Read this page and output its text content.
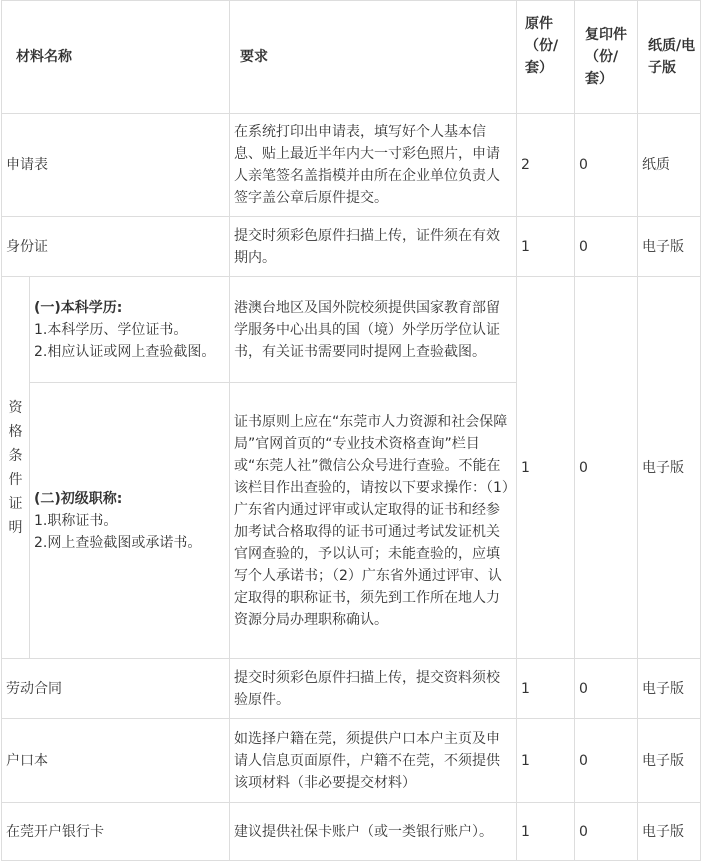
材料名称		要求	原件（份/套）	复印件（份/套）	纸质/电子版
申请表		在系统打印出申请表，填写好个人基本信息、贴上最近半年内大一寸彩色照片，申请人亲笔签名盖指模并由所在企业单位负责人签字盖公章后原件提交。	2	0	纸质
身份证		提交时须彩色原件扫描上传，证件须在有效期内。	1	0	电子版
资格条件证明	(一)本科学历:
1.本科学历、学位证书。
2.相应认证或网上查验截图。	港澳台地区及国外院校须提供国家教育部留学服务中心出具的国（境）外学历学位认证书，有关证书需要同时提网上查验截图。	1	0	电子版

	(二)初级职称:
1.职称证书。
2.网上查验截图或承诺书。	证书原则上应在“东莞市人力资源和社会保障局”官网首页的“专业技术资格查询”栏目或“东莞人社”微信公众号进行查验。不能在该栏目作出查验的，请按以下要求操作：（1）广东省内通过评审或认定取得的证书和经参加考试合格取得的证书可通过考试发证机关官网查验的，予以认可；未能查验的，应填写个人承诺书；（2）广东省外通过评审、认定取得的职称证书，须先到工作所在地人力资源分局办理职称确认。			
劳动合同		提交时须彩色原件扫描上传，提交资料须校验原件。	1	0	电子版
户口本		如选择户籍在莞，须提供户口本户主页及申请人信息页面原件，户籍不在莞，不须提供该项材料（非必要提交材料）	1	0	电子版
在莞开户银行卡		建议提供社保卡账户（或一类银行账户）。	1	0	电子版
